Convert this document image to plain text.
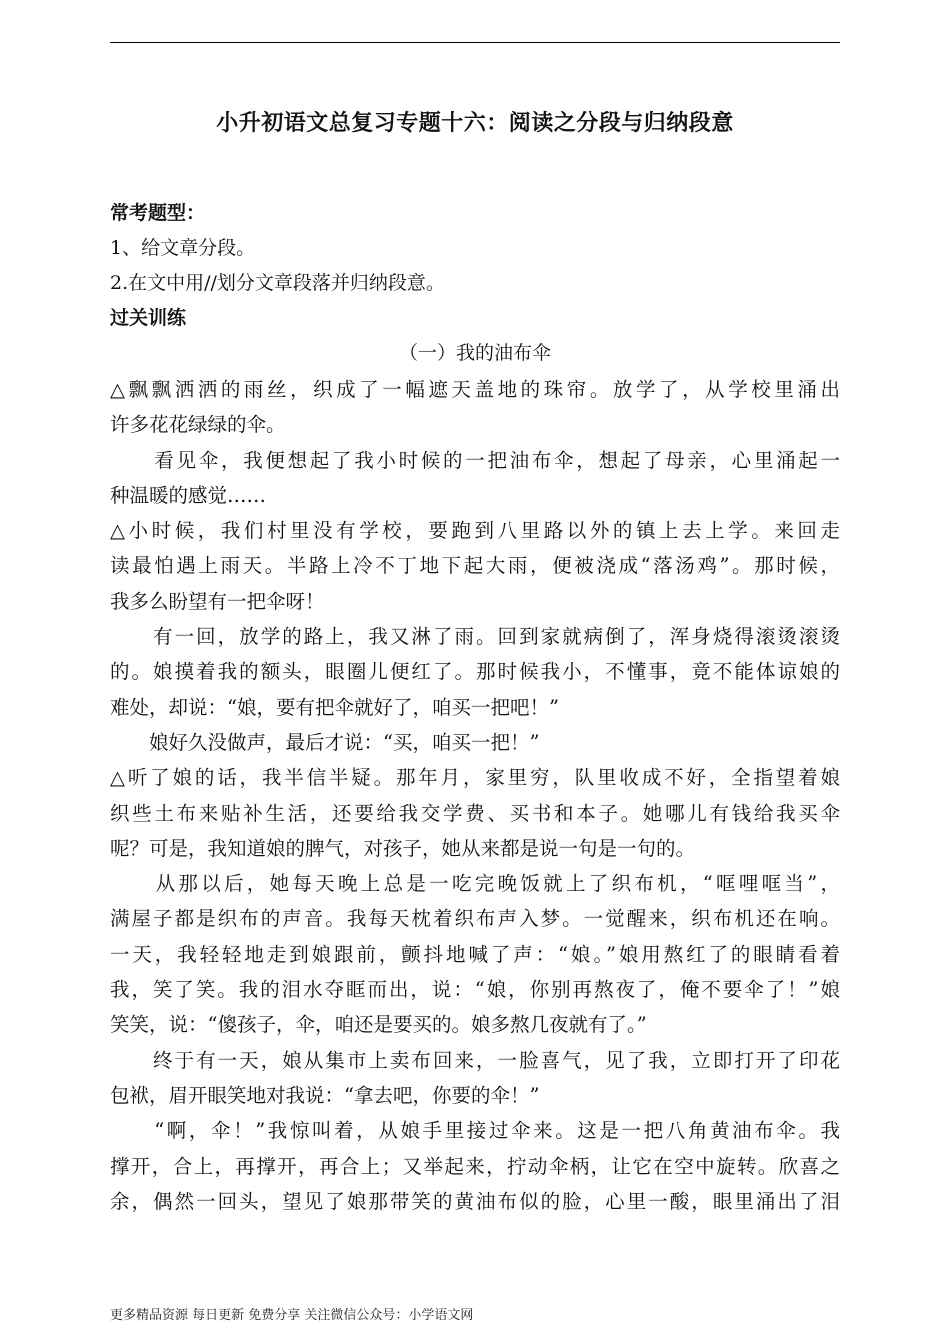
小升初语文总复习专题十六：阅读之分段与归纳段意
常考题型：
1、给文章分段。
2.在文中用//划分文章段落并归纳段意。
过关训练
（一）我的油布伞
△飘飘洒洒的雨丝，织成了一幅遮天盖地的珠帘。放学了，从学校里涌出
许多花花绿绿的伞。
　　看见伞，我便想起了我小时候的一把油布伞，想起了母亲，心里涌起一
种温暖的感觉……
△小时候，我们村里没有学校，要跑到八里路以外的镇上去上学。来回走
读最怕遇上雨天。半路上冷不丁地下起大雨，便被浇成“落汤鸡”。那时候，
我多么盼望有一把伞呀！
　　有一回，放学的路上，我又淋了雨。回到家就病倒了，浑身烧得滚烫滚烫
的。娘摸着我的额头，眼圈儿便红了。那时候我小，不懂事，竟不能体谅娘的
难处，却说：“娘，要有把伞就好了，咱买一把吧！”
　　娘好久没做声，最后才说：“买，咱买一把！”
△听了娘的话，我半信半疑。那年月，家里穷，队里收成不好，全指望着娘
织些土布来贴补生活，还要给我交学费、买书和本子。她哪儿有钱给我买伞
呢？可是，我知道娘的脾气，对孩子，她从来都是说一句是一句的。
　　从那以后，她每天晚上总是一吃完晚饭就上了织布机，“哐哩哐当”，
满屋子都是织布的声音。我每天枕着织布声入梦。一觉醒来，织布机还在响。
一天，我轻轻地走到娘跟前，颤抖地喊了声：“娘。”娘用熬红了的眼睛看着
我，笑了笑。我的泪水夺眶而出，说：“娘，你别再熬夜了，俺不要伞了！”娘
笑笑，说：“傻孩子，伞，咱还是要买的。娘多熬几夜就有了。”
　　终于有一天，娘从集市上卖布回来，一脸喜气，见了我，立即打开了印花
包袱，眉开眼笑地对我说：“拿去吧，你要的伞！”
　　“啊，伞！”我惊叫着，从娘手里接过伞来。这是一把八角黄油布伞。我
撑开，合上，再撑开，再合上；又举起来，拧动伞柄，让它在空中旋转。欣喜之
余，偶然一回头，望见了娘那带笑的黄油布似的脸，心里一酸，眼里涌出了泪
更多精品资源 每日更新 免费分享 关注微信公众号：小学语文网
